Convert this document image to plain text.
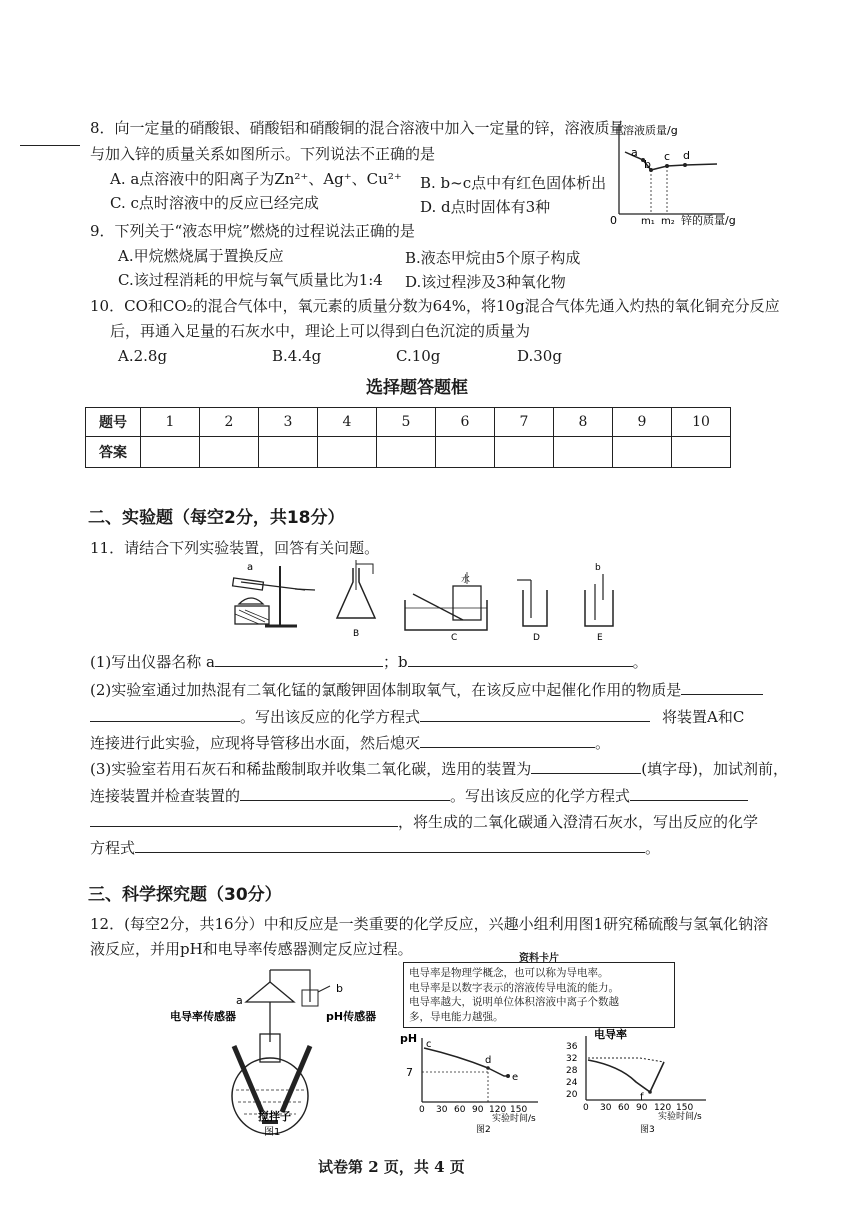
8．向一定量的硝酸银、硝酸铝和硝酸铜的混合溶液中加入一定量的锌，溶液质量
与加入锌的质量关系如图所示。下列说法不正确的是
A. a点溶液中的阳离子为Zn²⁺、Ag⁺、Cu²⁺ B. b~c点中有红色固体析出
C. c点时溶液中的反应已经完成	D. d点时固体有3种
溶液质量/g
a
b
c d
0 m₁ m₂ 锌的质量/g
9．下列关于“液态甲烷”燃烧的过程说法正确的是
A.甲烷燃烧属于置换反应	B.液态甲烷由5个原子构成
C.该过程消耗的甲烷与氧气质量比为1:4 D.该过程涉及3种氧化物
10．CO和CO₂的混合气体中，氧元素的质量分数为64%，将10g混合气体先通入灼热的氧化铜充分反应
后，再通入足量的石灰水中，理论上可以得到白色沉淀的质量为
A.2.8g	B.4.4g	C.10g	D.30g
选择题答题框
题号	1	2	3	4	5	6	7	8	9	10
答案										
二、实验题（每空2分，共18分）
11．请结合下列实验装置，回答有关问题。
a
B
水
C	D
b
E
(1)写出仪器名称 a	；b	。
(2)实验室通过加热混有二氧化锰的氯酸钾固体制取氧气，在该反应中起催化作用的物质是
。写出该反应的化学方程式	将装置A和C
连接进行此实验，应现将导管移出水面，然后熄灭	。
(3)实验室若用石灰石和稀盐酸制取并收集二氧化碳，选用的装置为	(填字母)，加试剂前，
连接装置并检查装置的	。写出该反应的化学方程式
，将生成的二氧化碳通入澄清石灰水，写出反应的化学
方程式	。
三、科学探究题（30分）
12．(每空2分，共16分）中和反应是一类重要的化学反应，兴趣小组利用图1研究稀硫酸与氢氧化钠溶
液反应，并用pH和电导率传感器测定反应过程。
a
b
电导率传感器	pH传感器
搅拌子
图1
资料卡片
电导率是物理学概念，也可以称为导电率。
电导率是以数字表示的溶液传导电流的能力。
电导率越大，说明单位体积溶液中离子个数越
多，导电能力越强。
pH
7
c
d
e
0 30 60 90 120 150
实验时间/s
图2
电导率
36
32
28
24
20	f
0 30 60 90 120 150
实验时间/s
图3
试卷第 2 页，共 4 页
